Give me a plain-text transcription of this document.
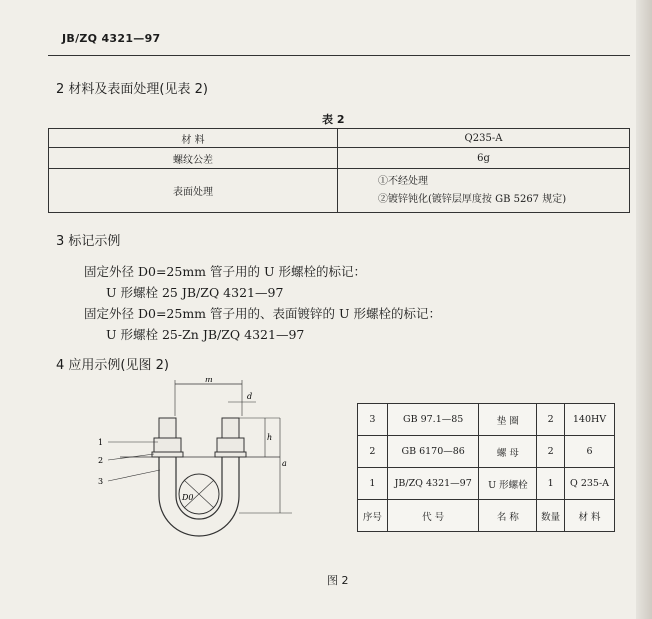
JB/ZQ 4321—97
2 材料及表面处理(见表 2)
表 2
材 料	Q235-A
螺纹公差	6g
表面处理	①不经处理
②镀锌钝化(镀锌层厚度按 GB 5267 规定)
3 标记示例
固定外径 D0=25mm 管子用的 U 形螺栓的标记：
U 形螺栓 25 JB/ZQ 4321—97
固定外径 D0=25mm 管子用的、表面镀锌的 U 形螺栓的标记：
U 形螺栓 25-Zn JB/ZQ 4321—97
4 应用示例(见图 2)
m
d
D0
h
a
1
2
3
3	GB 97.1—85	垫 圈	2	140HV
2	GB 6170—86	螺 母	2	6
1	JB/ZQ 4321—97	U 形螺栓	1	Q 235-A
序号	代 号	名 称	数量	材 料
图 2
